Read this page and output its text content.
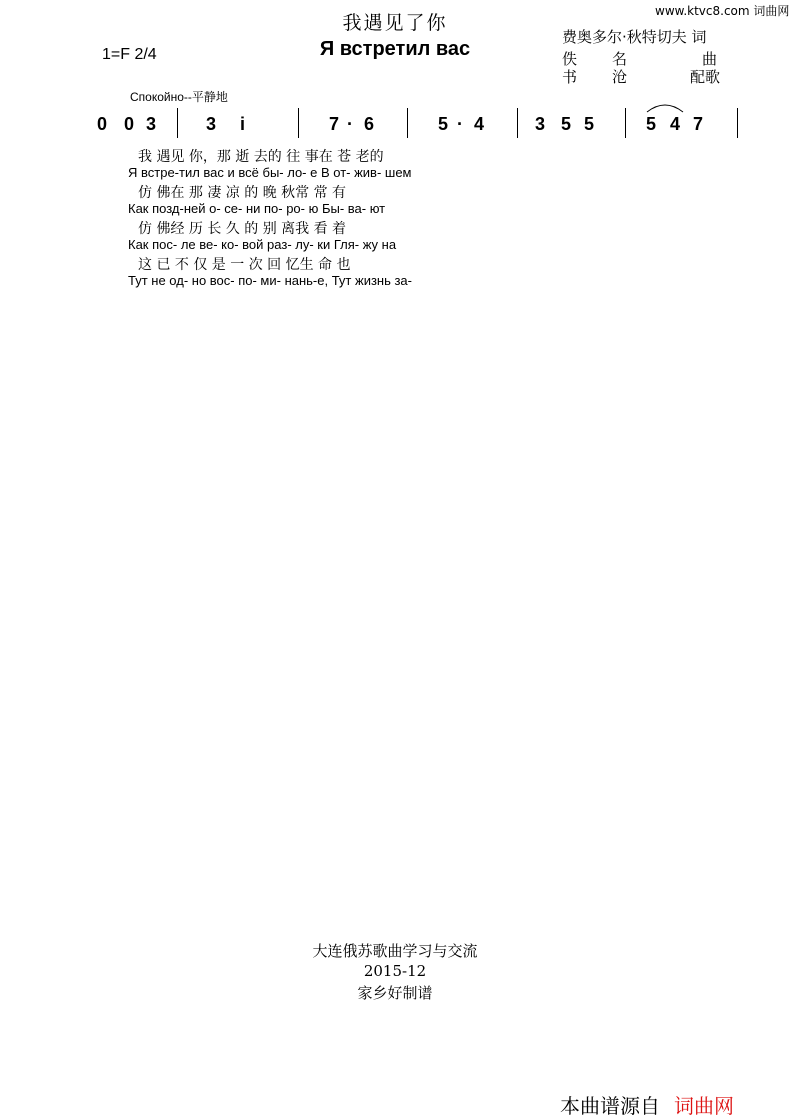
我遇见了你
Я встретил вас
1=F 2/4
www.ktvc8.com 词曲网
费奥多尔·秋特切夫 词
佚 名	曲
书 沧	配歌
Спокойно--平静地
0 0 3	3 i	7 · 6	5 · 4	3 5 5	5 4 7
我 遇见 你，那 逝 去的 往 事在 苍 老的
Я встре-тил вас и всё бы- ло- е В от- жив- шем
仿 佛在 那 凄 凉 的 晚 秋常 常 有
Как позд-ней о- се- ни по- ро- ю Бы- ва- ют
仿 佛经 历 长 久 的 别 离我 看 着
Как пос- ле ве- ко- вой раз- лу- ки Гля- жу на
这 已 不 仅 是 一 次 回 忆生 命 也
Тут не од- но вос- по- ми- нань-е, Тут жизнь за-
大连俄苏歌曲学习与交流
2015-12
家乡好制谱
本曲谱源自 词曲网
